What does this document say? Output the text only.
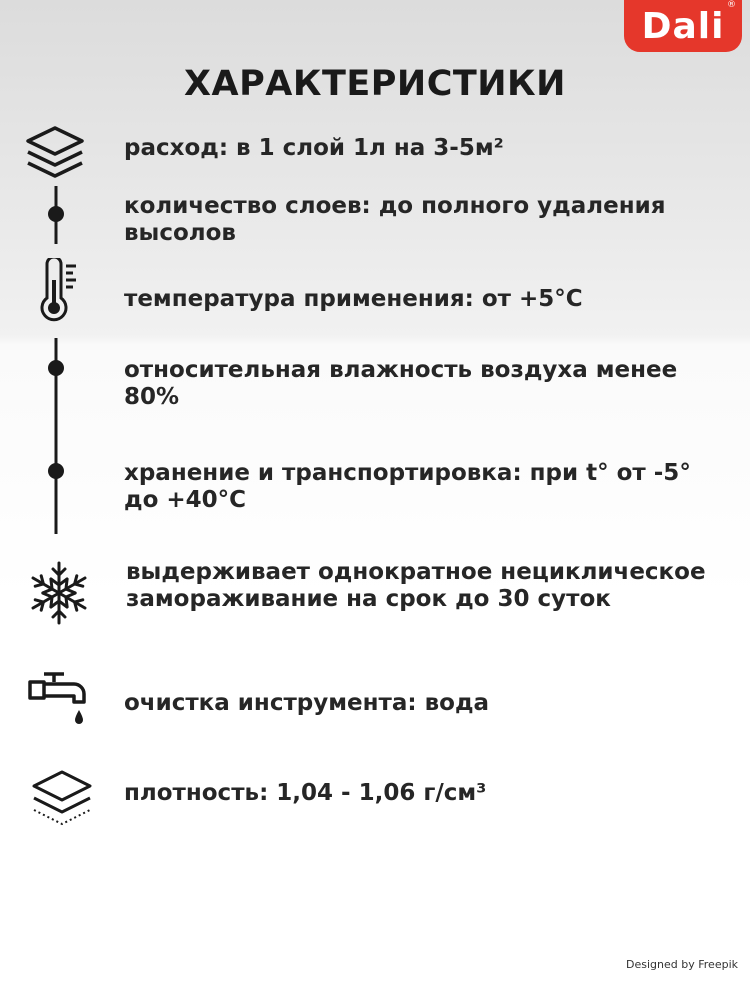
Dali
®
ХАРАКТЕРИСТИКИ
расход: в 1 слой 1л на 3-5м²
количество слоев: до полного удаления высолов
температура применения: от +5°С
относительная влажность воздуха менее 80%
хранение и транспортировка: при t° от -5° до +40°С
выдерживает однократное нециклическое замораживание на срок до 30 суток
очистка инструмента: вода
плотность: 1,04 - 1,06 г/см³
Designed by Freepik
